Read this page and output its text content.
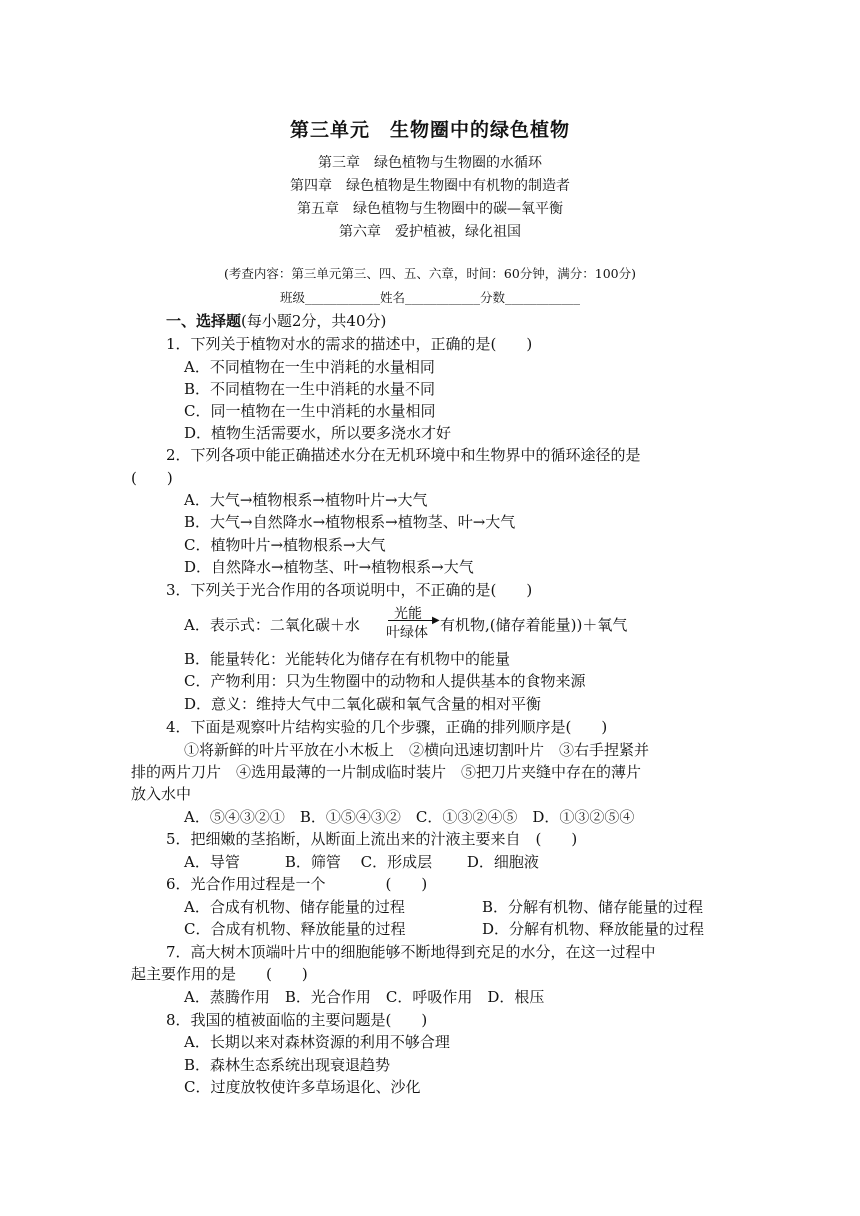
第三单元　生物圈中的绿色植物
第三章　绿色植物与生物圈的水循环
第四章　绿色植物是生物圈中有机物的制造者
第五章　绿色植物与生物圈中的碳—氧平衡
第六章　爱护植被，绿化祖国
(考查内容：第三单元第三、四、五、六章，时间：60分钟，满分：100分)
班级____________姓名____________分数____________
一、选择题(每小题2分，共40分)
1．下列关于植物对水的需求的描述中，正确的是(　　)
A．不同植物在一生中消耗的水量相同
B．不同植物在一生中消耗的水量不同
C．同一植物在一生中消耗的水量相同
D．植物生活需要水，所以要多浇水才好
2．下列各项中能正确描述水分在无机环境中和生物界中的循环途径的是
(　　)
A．大气→植物根系→植物叶片→大气
B．大气→自然降水→植物根系→植物茎、叶→大气
C．植物叶片→植物根系→大气
D．自然降水→植物茎、叶→植物根系→大气
3．下列关于光合作用的各项说明中，不正确的是(　　)
A．表示式：二氧化碳＋水
光能 ▶
叶绿体 有机物,(储存着能量))＋氧气
B．能量转化：光能转化为储存在有机物中的能量
C．产物利用：只为生物圈中的动物和人提供基本的食物来源
D．意义：维持大气中二氧化碳和氧气含量的相对平衡
4．下面是观察叶片结构实验的几个步骤，正确的排列顺序是(　　)
①将新鲜的叶片平放在小木板上　②横向迅速切割叶片　③右手捏紧并
排的两片刀片　④选用最薄的一片制成临时装片　⑤把刀片夹缝中存在的薄片
放入水中
A．⑤④③②①　B．①⑤④③②　C．①③②④⑤　D．①③②⑤④
5．把细嫩的茎掐断，从断面上流出来的汁液主要来自　(　　)
A．导管　　　B．筛管　 C．形成层　　 D．细胞液
6．光合作用过程是一个　　　　(　　)
A．合成有机物、储存能量的过程	B．分解有机物、储存能量的过程
C．合成有机物、释放能量的过程	D．分解有机物、释放能量的过程
7．高大树木顶端叶片中的细胞能够不断地得到充足的水分，在这一过程中
起主要作用的是　　(　　)
A．蒸腾作用　B．光合作用　C．呼吸作用　D．根压
8．我国的植被面临的主要问题是(　　)
A．长期以来对森林资源的利用不够合理
B．森林生态系统出现衰退趋势
C．过度放牧使许多草场退化、沙化
